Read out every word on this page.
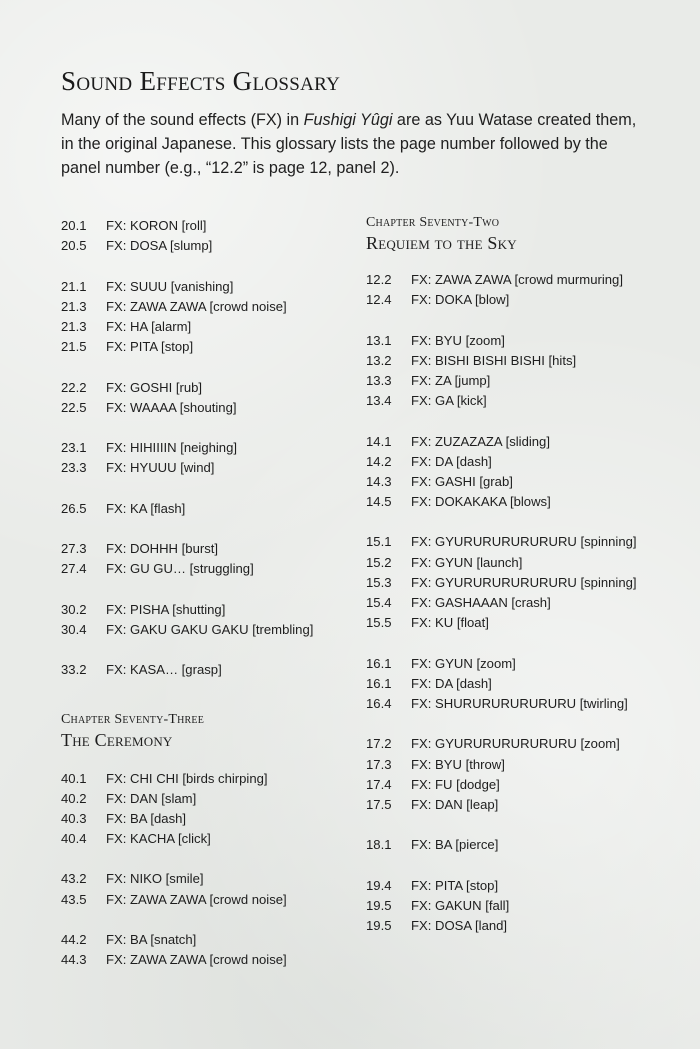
Sound Effects Glossary

Many of the sound effects (FX) in Fushigi Yûgi are as Yuu Watase created them, in the original Japanese. This glossary lists the page number followed by the panel number (e.g., “12.2” is page 12, panel 2).

20.1	FX: KORON [roll]
20.5	FX: DOSA [slump]
21.1	FX: SUUU [vanishing]
21.3	FX: ZAWA ZAWA [crowd noise]
21.3	FX: HA [alarm]
21.5	FX: PITA [stop]
22.2	FX: GOSHI [rub]
22.5	FX: WAAAA [shouting]
23.1	FX: HIHIIIIN [neighing]
23.3	FX: HYUUU [wind]
26.5	FX: KA [flash]
27.3	FX: DOHHH [burst]
27.4	FX: GU GU… [struggling]
30.2	FX: PISHA [shutting]
30.4	FX: GAKU GAKU GAKU [trembling]
33.2	FX: KASA… [grasp]
Chapter Seventy-Three
The Ceremony
40.1	FX: CHI CHI [birds chirping]
40.2	FX: DAN [slam]
40.3	FX: BA [dash]
40.4	FX: KACHA [click]
43.2	FX: NIKO [smile]
43.5	FX: ZAWA ZAWA [crowd noise]
44.2	FX: BA [snatch]
44.3	FX: ZAWA ZAWA [crowd noise]
Chapter Seventy-Two
Requiem to the Sky
12.2	FX: ZAWA ZAWA [crowd murmuring]
12.4	FX: DOKA [blow]
13.1	FX: BYU [zoom]
13.2	FX: BISHI BISHI BISHI [hits]
13.3	FX: ZA [jump]
13.4	FX: GA [kick]
14.1	FX: ZUZAZAZA [sliding]
14.2	FX: DA [dash]
14.3	FX: GASHI [grab]
14.5	FX: DOKAKAKA [blows]
15.1	FX: GYURURURURURURU [spinning]
15.2	FX: GYUN [launch]
15.3	FX: GYURURURURURURU [spinning]
15.4	FX: GASHAAAN [crash]
15.5	FX: KU [float]
16.1	FX: GYUN [zoom]
16.1	FX: DA [dash]
16.4	FX: SHURURURURURURU [twirling]
17.2	FX: GYURURURURURURU [zoom]
17.3	FX: BYU [throw]
17.4	FX: FU [dodge]
17.5	FX: DAN [leap]
18.1	FX: BA [pierce]
19.4	FX: PITA [stop]
19.5	FX: GAKUN [fall]
19.5	FX: DOSA [land]
